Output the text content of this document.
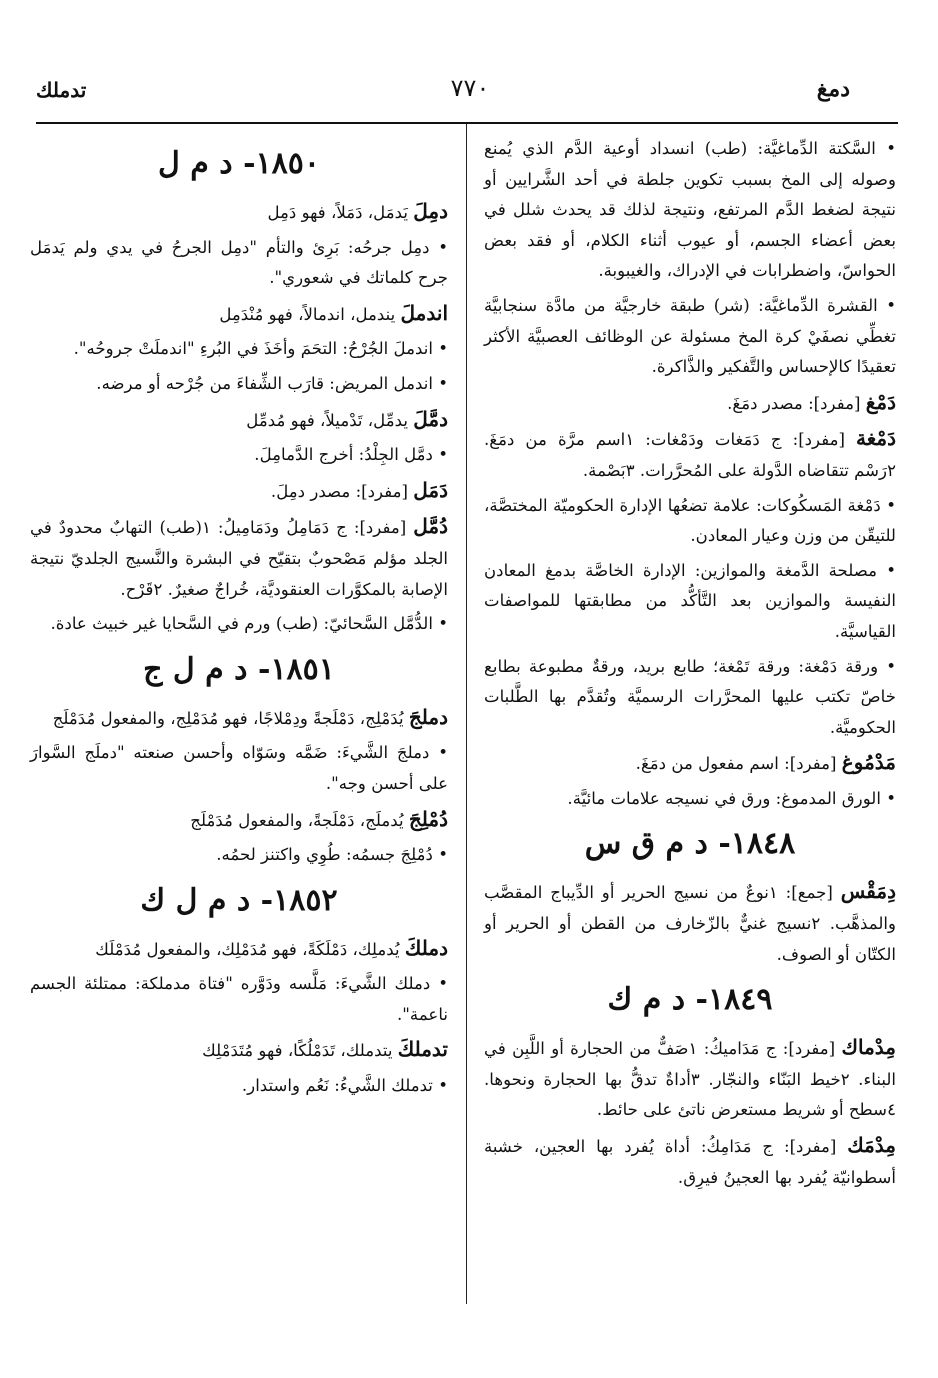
دمغ
٧٧٠
تدملك

• السَّكتة الدِّماغيَّة: (طب) انسداد أوعية الدَّم الذي يُمنع وصوله إلى المخ بسبب تكوين جلطة في أحد الشَّرايين أو نتيجة لضغط الدَّم المرتفع، ونتيجة لذلك قد يحدث شلل في بعض أعضاء الجسم، أو عيوب أثناء الكلام، أو فقد بعض الحواسّ، واضطرابات في الإدراك، والغيبوبة.

• القشرة الدِّماغيَّة: (شر) طبقة خارجيَّة من مادَّة سنجابيَّة تغطِّي نصفَيْ كرة المخ مسئولة عن الوظائف العصبيَّة الأكثر تعقيدًا كالإحساس والتَّفكير والذَّاكرة.

دَمْغ [مفرد]: مصدر دمَغَ.

دَمْغة [مفرد]: ج دَمَغات ودَمْغات: ١اسم مرَّة من دمَغَ. ٢رَسْم تتقاضاه الدَّولة على المُحرَّرات. ٣بَصْمة.

• دَمْغة المَسكُوكات: علامة تضعُها الإدارة الحكوميّة المختصَّة، للتيقّن من وزن وعيار المعادن.

• مصلحة الدَّمغة والموازين: الإدارة الخاصَّة بدمغ المعادن النفيسة والموازين بعد التَّأكُّد من مطابقتها للمواصفات القياسيَّة.

• ورقة دَمْغة: ورقة تَمْغة؛ طابع بريد، ورقةٌ مطبوعة بطابع خاصّ تكتب عليها المحرَّرات الرسميَّة وتُقدَّم بها الطَّلبات الحكوميَّة.

مَدْمُوغ [مفرد]: اسم مفعول من دمَغَ.

• الورق المدموغ: ورق في نسيجه علامات مائيَّة.

١٨٤٨- د م ق س

دِمَقْس [جمع]: ١نوعٌ من نسيج الحرير أو الدِّيباج المقصَّب والمذهَّب. ٢نسيج غنيٌّ بالزّخارف من القطن أو الحرير أو الكتّان أو الصوف.

١٨٤٩- د م ك

مِدْماك [مفرد]: ج مَدَاميكُ: ١صَفٌّ من الحجارة أو اللَّبِن في البناء. ٢خيط البَنّاء والنجّار. ٣أداةٌ تدقُّ بها الحجارة ونحوها. ٤سطح أو شريط مستعرض ناتئ على حائط.

مِدْمَك [مفرد]: ج مَدَامِكُ: أداة يُفرد بها العجين، خشبة أسطوانيّة يُفرد بها العجينُ فيرِق.

١٨٥٠- د م ل

دمِلَ يَدمَل، دَمَلاً، فهو دَمِل

• دمِل جرحُه: بَرِئ والتأم "دمِل الجرحُ في يدي ولم يَدمَل جرح كلماتك في شعوري".

اندملَ يندمل، اندمالاً، فهو مُنْدَمِل

• اندملَ الجُرْحُ: التحَمَ وأخَذَ في البُرءِ "اندملَتْ جروحُه".

• اندمل المريض: قارَب الشِّفاءَ من جُرْحه أو مرضه.

دمَّلَ يدمِّل، تَدْميلاً، فهو مُدمِّل

• دمَّل الجِلْدُ: أخرج الدَّمامِلَ.

دَمَل [مفرد]: مصدر دمِلَ.

دُمَّل [مفرد]: ج دَمَامِلُ ودَمَامِيلُ: ١(طب) التهابٌ محدودٌ في الجلد مؤلم مَصْحوبٌ بتقيّح في البشرة والنَّسيج الجلديّ نتيجة الإصابة بالمكوَّرات العنقوديَّة، خُراجٌ صغيرٌ. ٢قَرْح.

• الدُّمَّل السَّحائيّ: (طب) ورم في السَّحايا غير خبيث عادة.

١٨٥١- د م ل ج

دملجَ يُدَمْلِج، دَمْلَجةً ودِمْلاجًا، فهو مُدَمْلِج، والمفعول مُدَمْلَج

• دملجَ الشَّيءَ: ضَمَّه وسَوّاه وأحسن صنعته "دملَج السَّوارَ على أحسن وجه".

دُمْلِجَ يُدملَج، دَمْلَجةً، والمفعول مُدَمْلَج

• دُمْلِجَ جسمُه: طُوِي واكتنز لحمُه.

١٨٥٢- د م ل ك

دملكَ يُدملِك، دَمْلَكَةً، فهو مُدَمْلِك، والمفعول مُدَمْلَك

• دملك الشَّيءَ: مَلَّسه ودَوَّره "فتاة مدملكة: ممتلئة الجسم ناعمة".

تدملكَ يتدملك، تَدَمْلُكًا، فهو مُتَدَمْلِك

• تدملك الشَّيءُ: نَعُم واستدار.
